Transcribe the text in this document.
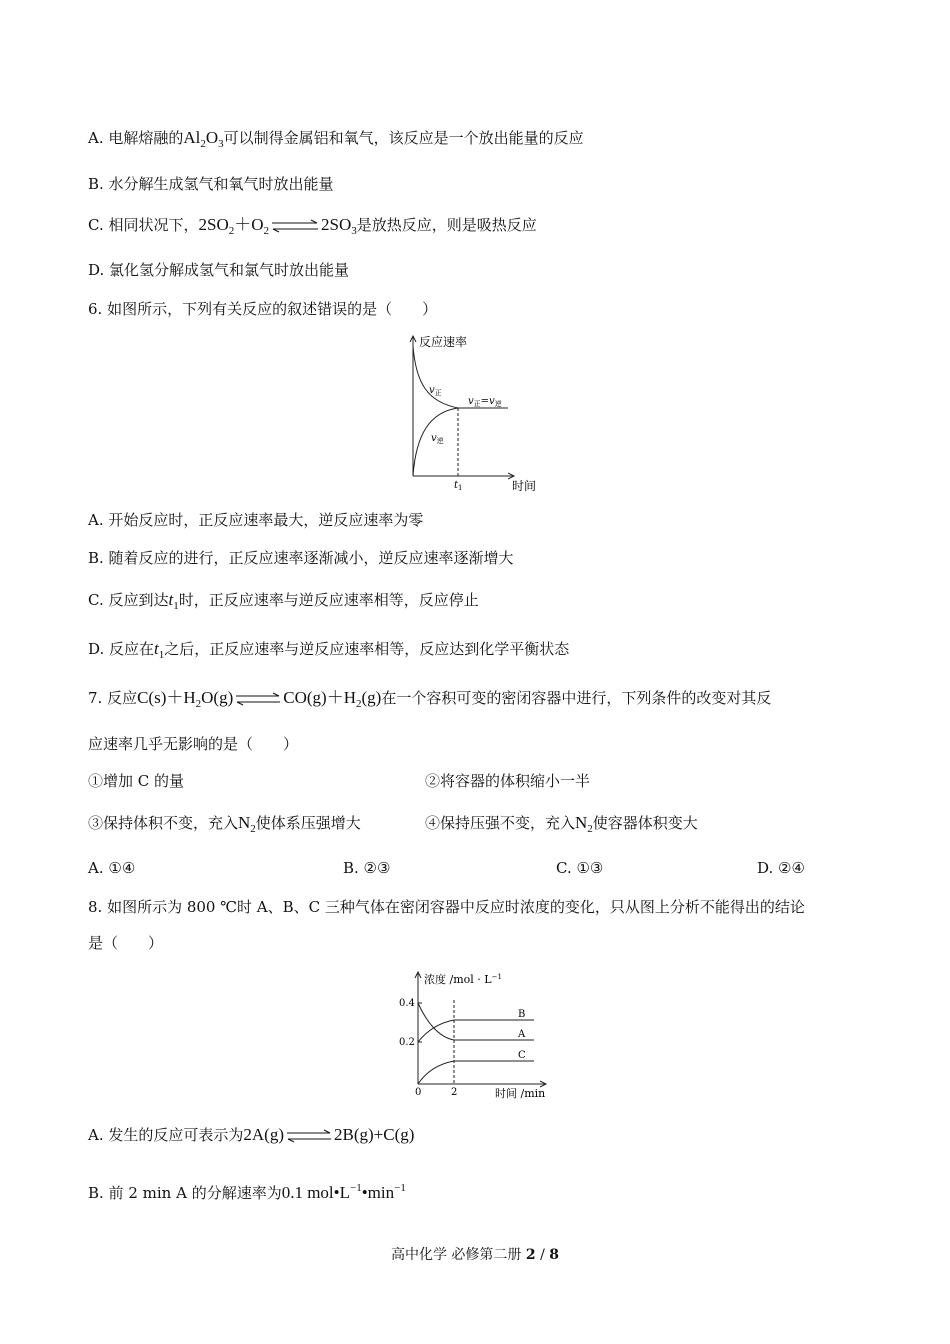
A. 电解熔融的$Al_2O_3$可以制得金属铝和氧气，该反应是一个放出能量的反应
B. 水分解生成氢气和氧气时放出能量
C. 相同状况下，$2SO_2+O_2$ ⇌ $2SO_3$是放热反应，则是吸热反应
D. 氯化氢分解成氢气和氯气时放出能量
6. 如图所示，下列有关反应的叙述错误的是（　　）
反应速率
$v_正$
$v_逆$
$v_正=v_逆$
$t_1$	时间
A. 开始反应时，正反应速率最大，逆反应速率为零
B. 随着反应的进行，正反应速率逐渐减小，逆反应速率逐渐增大
C. 反应到达$t_1$时，正反应速率与逆反应速率相等，反应停止
D. 反应在$t_1$之后，正反应速率与逆反应速率相等，反应达到化学平衡状态
7. 反应$C(s)+H_2O(g)$ ⇌ $CO(g)+H_2(g)$在一个容积可变的密闭容器中进行，下列条件的改变对其反
应速率几乎无影响的是（　　）
①增加 C 的量	②将容器的体积缩小一半
③保持体积不变，充入$N_2$使体系压强增大	④保持压强不变，充入$N_2$使容器体积变大
A. ①④	B. ②③	C. ①③	D. ②④
8. 如图所示为 800 ℃时 A、B、C 三种气体在密闭容器中反应时浓度的变化，只从图上分析不能得出的结论
是（　　）
浓度 $/mol \cdot L^{-1}$
0.4
0.2
B
A
C
0	2	时间 /min
A. 发生的反应可表示为2A(g) ⇌ 2B(g)+C(g)
B. 前 2 min A 的分解速率为0.1 $mol•L^{-1}•\min^{-1}$
高中化学 必修第二册 2 / 8
